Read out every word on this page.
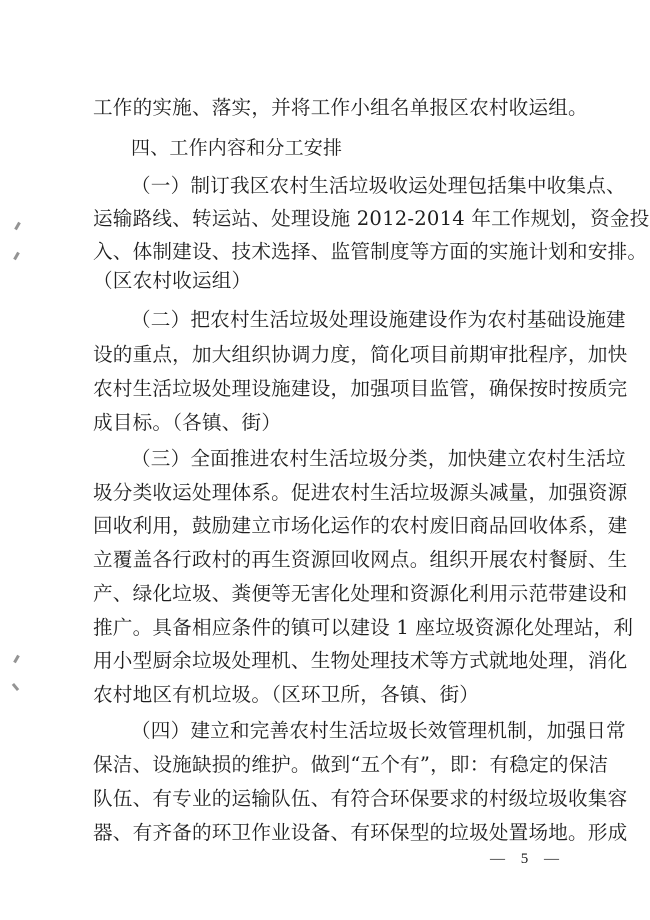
工作的实施、落实，并将工作小组名单报区农村收运组。
四、工作内容和分工安排
（一）制订我区农村生活垃圾收运处理包括集中收集点、
运输路线、转运站、处理设施 2012-2014 年工作规划，资金投
入、体制建设、技术选择、监管制度等方面的实施计划和安排。
（区农村收运组）
（二）把农村生活垃圾处理设施建设作为农村基础设施建
设的重点，加大组织协调力度，简化项目前期审批程序，加快
农村生活垃圾处理设施建设，加强项目监管，确保按时按质完
成目标。（各镇、街）
（三）全面推进农村生活垃圾分类，加快建立农村生活垃
圾分类收运处理体系。促进农村生活垃圾源头减量，加强资源
回收利用，鼓励建立市场化运作的农村废旧商品回收体系，建
立覆盖各行政村的再生资源回收网点。组织开展农村餐厨、生
产、绿化垃圾、粪便等无害化处理和资源化利用示范带建设和
推广。具备相应条件的镇可以建设 1 座垃圾资源化处理站，利
用小型厨余垃圾处理机、生物处理技术等方式就地处理，消化
农村地区有机垃圾。（区环卫所，各镇、街）
（四）建立和完善农村生活垃圾长效管理机制，加强日常
保洁、设施缺损的维护。做到“五个有”，即：有稳定的保洁
队伍、有专业的运输队伍、有符合环保要求的村级垃圾收集容
器、有齐备的环卫作业设备、有环保型的垃圾处置场地。形成
— 5 —
